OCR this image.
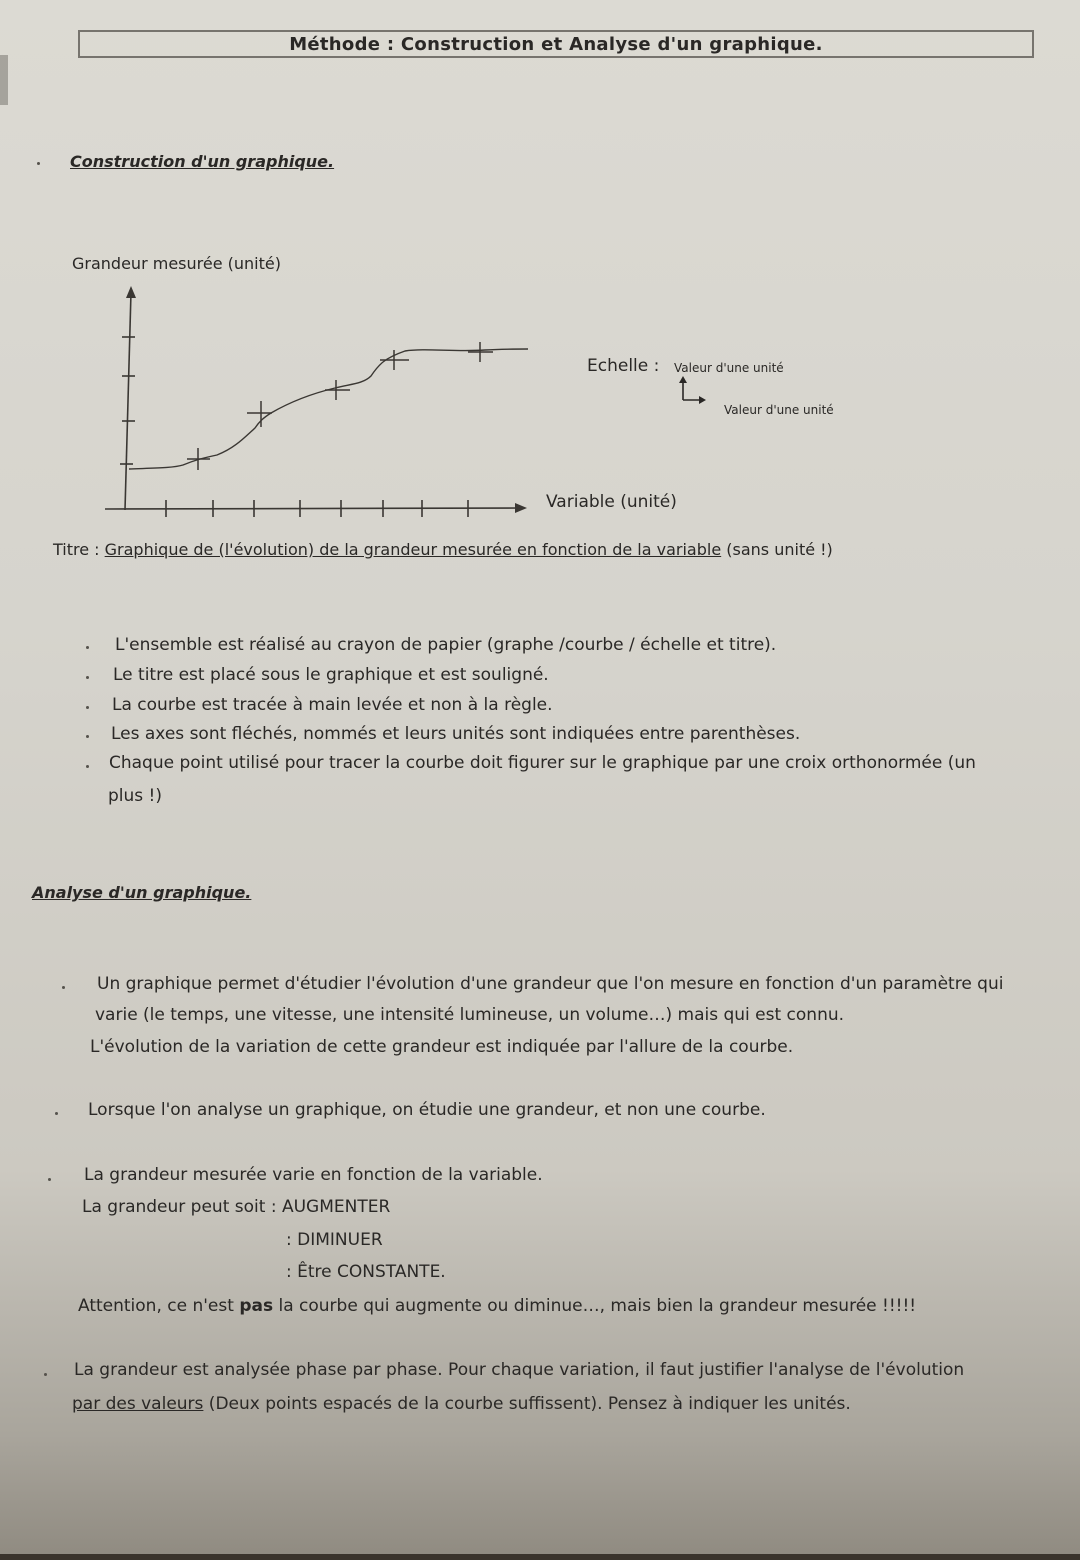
Méthode : Construction et Analyse d'un graphique.
Construction d'un graphique.
Grandeur mesurée (unité)
Echelle : Valeur d'une unité
Valeur d'une unité
Variable (unité)
Titre : Graphique de (l'évolution) de la grandeur mesurée en fonction de la variable (sans unité !)
L'ensemble est réalisé au crayon de papier (graphe /courbe / échelle et titre).
Le titre est placé sous le graphique et est souligné.
La courbe est tracée à main levée et non à la règle.
Les axes sont fléchés, nommés et leurs unités sont indiquées entre parenthèses.
Chaque point utilisé pour tracer la courbe doit figurer sur le graphique par une croix orthonormée (un
plus !)
Analyse d'un graphique.
Un graphique permet d'étudier l'évolution d'une grandeur que l'on mesure en fonction d'un paramètre qui
varie (le temps, une vitesse, une intensité lumineuse, un volume…) mais qui est connu.
L'évolution de la variation de cette grandeur est indiquée par l'allure de la courbe.
Lorsque l'on analyse un graphique, on étudie une grandeur, et non une courbe.
La grandeur mesurée varie en fonction de la variable.
La grandeur peut soit : AUGMENTER
: DIMINUER
: Être CONSTANTE.
Attention, ce n'est pas la courbe qui augmente ou diminue…, mais bien la grandeur mesurée !!!!!
La grandeur est analysée phase par phase. Pour chaque variation, il faut justifier l'analyse de l'évolution
par des valeurs (Deux points espacés de la courbe suffissent). Pensez à indiquer les unités.
